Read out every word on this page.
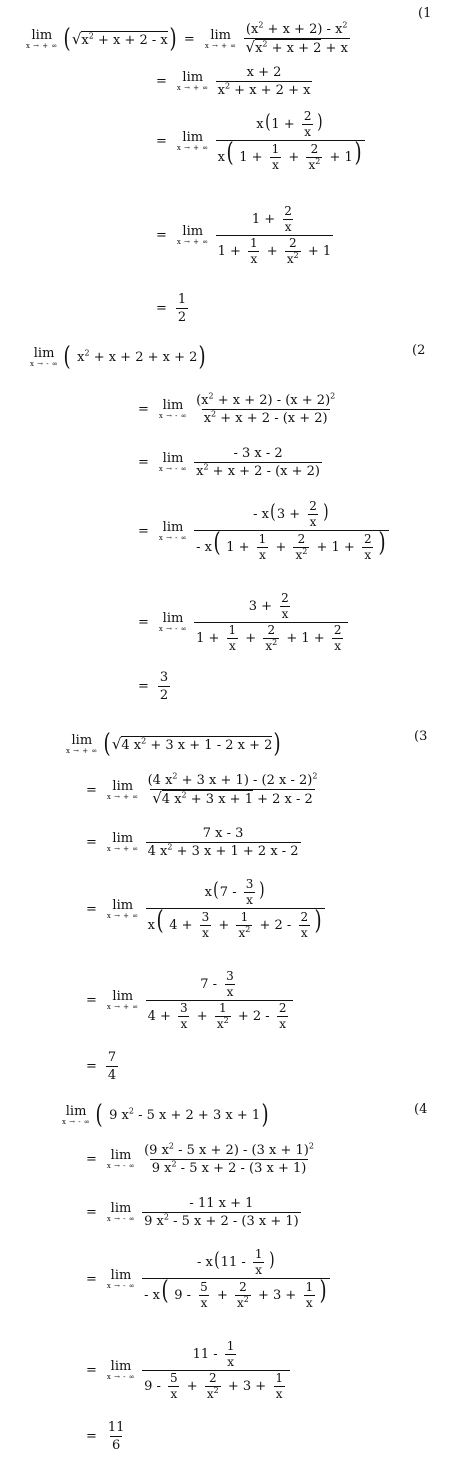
(1
lim
x → + ∞ ( √ $x^2 + x + 2 - x$ ) = lim
x → + ∞ $\frac{(x^2 + x + 2) - x^2}{√x^2 + x + 2 + x}$
= lim
x → + ∞ $\frac{x + 2}{x^2 + x + 2 + x}$
= lim
x → + ∞ $\frac{x(1 + \frac{2}{x} )}{x( 1 + \frac{1}{x} + \frac{2}{x^2} + 1)}$
= lim
x → + ∞ $\frac{1 + \frac{2}{x}}{1 + \frac{1}{x} + \frac{2}{x^2} + 1}$
= $\frac{1}{2}$
(2
lim
x → - ∞ (
$x^2 + x + 2 + x + 2$ )
= lim
x → - ∞ $\frac{(x^2 + x + 2) - (x + 2)^2}{x^2 + x + 2 - (x + 2)}$
= lim
x → - ∞ $\frac{- 3 x - 2}{x^2 + x + 2 - (x + 2)}$
= lim
x → - ∞ $\frac{- x(3 + \frac{2}{x} )}{- x( 1 + \frac{1}{x} + \frac{2}{x^2} + 1 + \frac{2}{x} )}$
= lim
x → - ∞ $\frac{3 + \frac{2}{x}}{1 + \frac{1}{x} + \frac{2}{x^2} + 1 + \frac{2}{x}}$
= $\frac{3}{2}$
(3
lim
x → + ∞ ( √ 4 $x^2 + 3$ x + 1 - 2 x + 2 )
= lim
x → + ∞ $\frac{(4 x^2 + 3 x + 1) - (2 x - 2)^2}{√4 x^2 + 3 x + 1 + 2 x - 2}$
= lim
x → + ∞ $\frac{7 x - 3}{4 x^2 + 3 x + 1 + 2 x - 2}$
= lim
x → + ∞ $\frac{x(7 - \frac{3}{x} )}{x( 4 + \frac{3}{x} + \frac{1}{x^2} + 2 - \frac{2}{x} )}$
= lim
x → + ∞ $\frac{7 - \frac{3}{x}}{4 + \frac{3}{x} + \frac{1}{x^2} + 2 - \frac{2}{x}}$
= $\frac{7}{4}$
(4
lim
x → - ∞ (
9 $x^2 - 5$ x + 2 + 3 x + 1 )
= lim
x → - ∞ $\frac{(9 x^2 - 5 x + 2) - (3 x + 1)^2}{9 x^2 - 5 x + 2 - (3 x + 1)}$
= lim
x → - ∞ $\frac{- 11 x + 1}{9 x^2 - 5 x + 2 - (3 x + 1)}$
= lim
x → - ∞ $\frac{- x(11 - \frac{1}{x} )}{- x( 9 - \frac{5}{x} + \frac{2}{x^2} + 3 + \frac{1}{x} )}$
= lim
x → - ∞ $\frac{11 - \frac{1}{x}}{9 - \frac{5}{x} + \frac{2}{x^2} + 3 + \frac{1}{x}}$
= $\frac{11}{6}$
